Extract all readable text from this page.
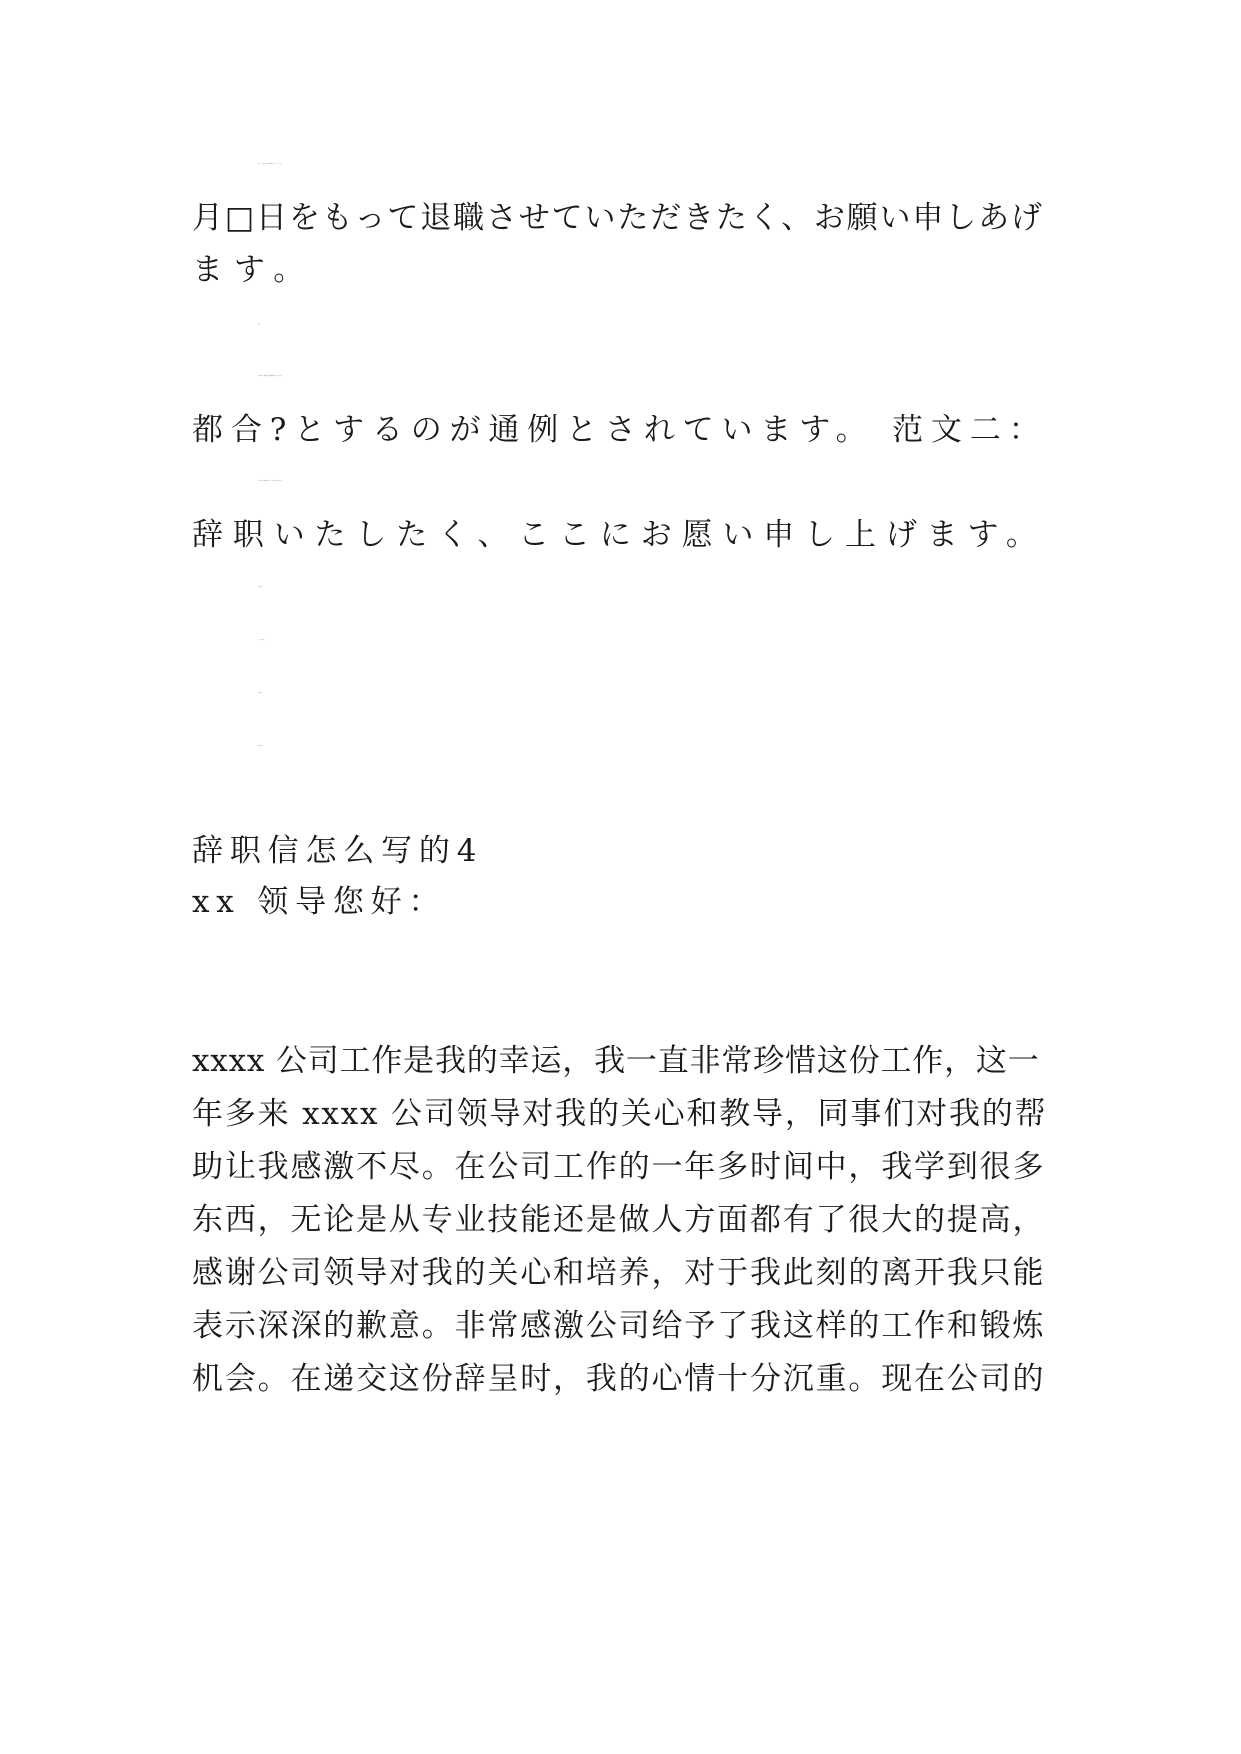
私こと、このたび一身上の都合により、□□□□年□
月□日をもって退職させていただきたく、お願い申しあげ
ます。
以上
一般的には、退職の事由を具体的に記さず?一身上の
都合?とするのが通例とされています。 范文二：
この度一身上の都合により、平成年月日をもちまして
辞职いたしたく、ここにお愿い申し上げます。
平成年月日
〇〇部 ×× 课
氏名印
株式会社〇〇
辞职信怎么写的4
xx 领导您好：
xxxx 公司工作是我的幸运，我一直非常珍惜这份工作，这一
年多来 xxxx 公司领导对我的关心和教导，同事们对我的帮
助让我感激不尽。在公司工作的一年多时间中，我学到很多
东西，无论是从专业技能还是做人方面都有了很大的提高，
感谢公司领导对我的关心和培养，对于我此刻的离开我只能
表示深深的歉意。非常感激公司给予了我这样的工作和锻炼
机会。在递交这份辞呈时，我的心情十分沉重。现在公司的
